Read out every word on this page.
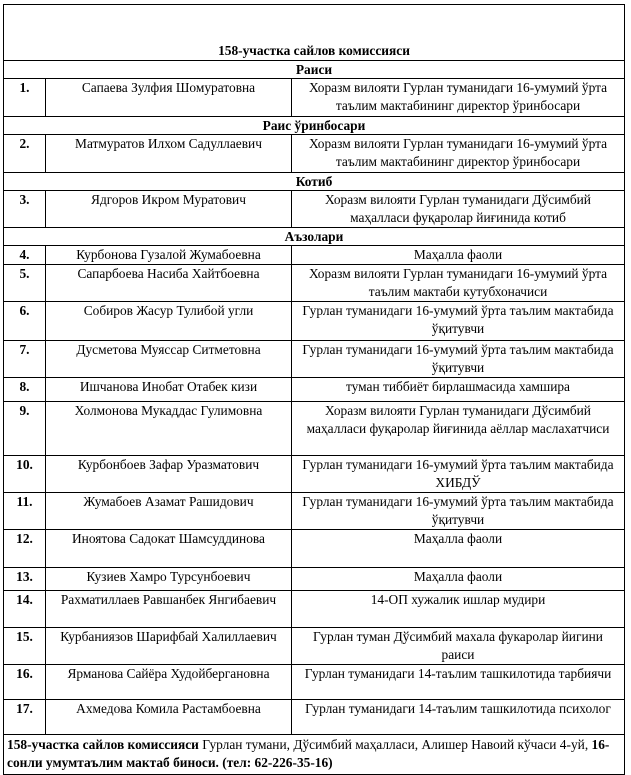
158-участка сайлов комиссияси		
Раиси		
1.	Сапаева Зулфия Шомуратовна	Хоразм вилояти Гурлан туманидаги 16-умумий ўрта таълим мактабининг директор ўринбосари
Раис ўринбосари		
2.	Матмуратов Илхом Садуллаевич	Хоразм вилояти Гурлан туманидаги 16-умумий ўрта таълим мактабининг директор ўринбосари
Котиб		
3.	Ядгоров Икром Муратович	Хоразм вилояти Гурлан туманидаги Дўсимбий маҳалласи фуқаролар йиғинида котиб
Аъзолари		
4.	Курбонова Гузалой Жумабоевна	Маҳалла фаоли
5.	Сапарбоева Насиба Хайтбоевна	Хоразм вилояти Гурлан туманидаги 16-умумий ўрта таълим мактаби кутубхоначиси
6.	Собиров Жасур Тулибой угли	Гурлан туманидаги 16-умумий ўрта таълим мактабида ўқитувчи
7.	Дусметова Муяссар Ситметовна	Гурлан туманидаги 16-умумий ўрта таълим мактабида ўқитувчи
8.	Ишчанова Инобат Отабек кизи	туман тиббиёт бирлашмасида хамшира
9.	Холмонова Мукаддас Гулимовна	Хоразм вилояти Гурлан туманидаги Дўсимбий маҳалласи фуқаролар йиғинида аёллар маслахатчиси
10.	Курбонбоев Зафар Уразматович	Гурлан туманидаги 16-умумий ўрта таълим мактабида ХИБДЎ
11.	Жумабоев Азамат Рашидович	Гурлан туманидаги 16-умумий ўрта таълим мактабида ўқитувчи
12.	Иноятова Садокат Шамсуддинова	Маҳалла фаоли
13.	Кузиев Хамро Турсунбоевич	Маҳалла фаоли
14.	Рахматиллаев Равшанбек Янгибаевич	14-ОП хужалик ишлар мудири
15.	Курбаниязов Шарифбай Халиллаевич	Гурлан туман Дўсимбий махала фукаролар йигини раиси
16.	Ярманова Сайёра Худойбергановна	Гурлан туманидаги 14-таълим ташкилотида тарбиячи
17.	Ахмедова Комила Растамбоевна	Гурлан туманидаги 14-таълим ташкилотида психолог
158-участка сайлов комиссияси Гурлан тумани, Дўсимбий маҳалласи, Алишер Навоий кўчаси 4-уй, 16-сонли умумтаълим мактаб биноси. (тел: 62-226-35-16)		
